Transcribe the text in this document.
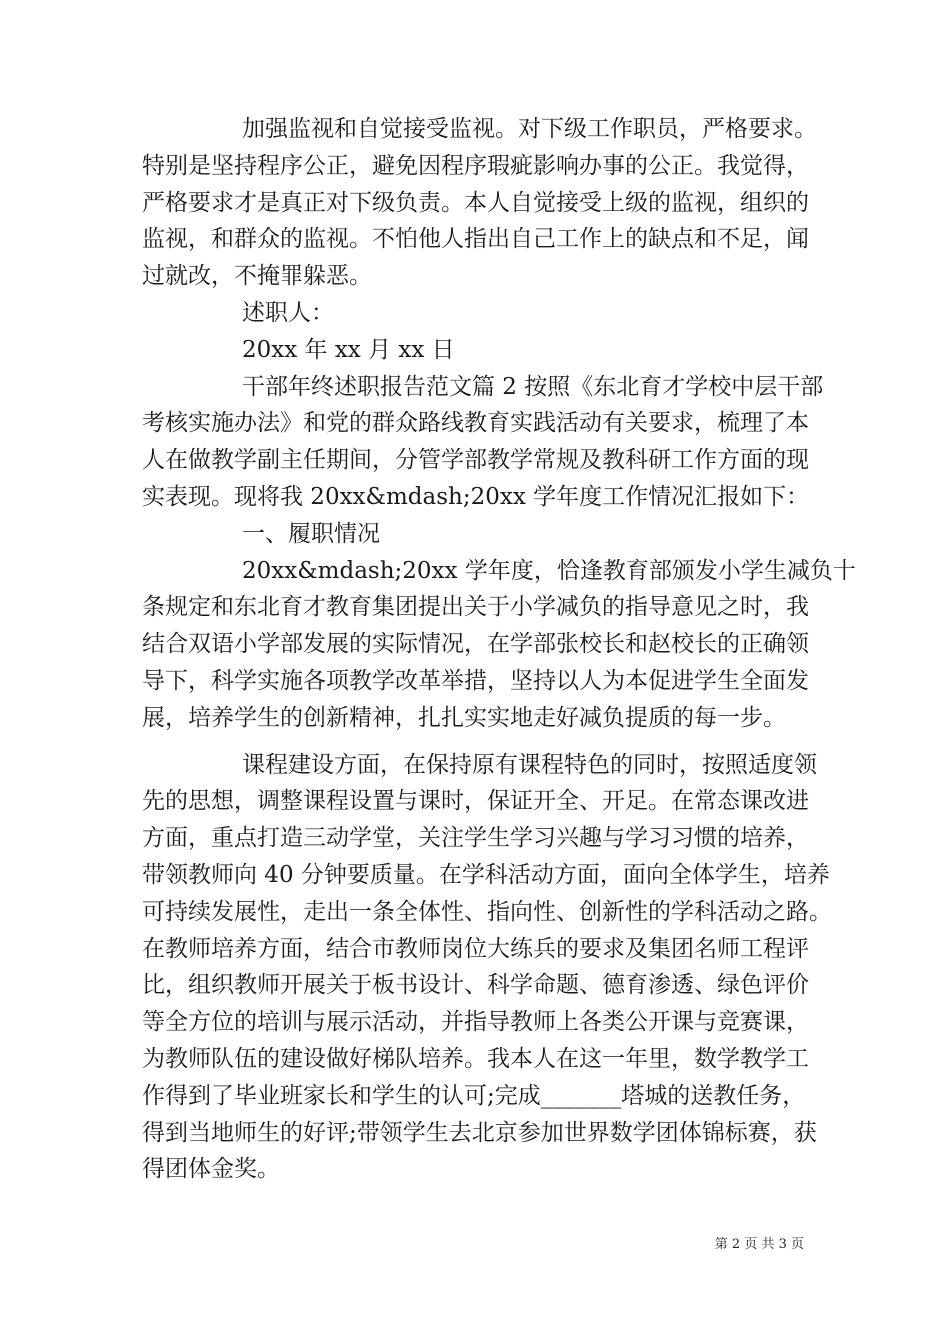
加强监视和自觉接受监视。对下级工作职员，严格要求。
特别是坚持程序公正，避免因程序瑕疵影响办事的公正。我觉得，
严格要求才是真正对下级负责。本人自觉接受上级的监视，组织的
监视，和群众的监视。不怕他人指出自己工作上的缺点和不足，闻
过就改，不掩罪躲恶。
述职人：
20xx 年 xx 月 xx 日
干部年终述职报告范文篇 2 按照《东北育才学校中层干部
考核实施办法》和党的群众路线教育实践活动有关要求，梳理了本
人在做教学副主任期间，分管学部教学常规及教科研工作方面的现
实表现。现将我 20xx&mdash;20xx 学年度工作情况汇报如下：
一、履职情况
20xx&mdash;20xx 学年度，恰逢教育部颁发小学生减负十
条规定和东北育才教育集团提出关于小学减负的指导意见之时，我
结合双语小学部发展的实际情况，在学部张校长和赵校长的正确领
导下，科学实施各项教学改革举措，坚持以人为本促进学生全面发
展，培养学生的创新精神，扎扎实实地走好减负提质的每一步。
课程建设方面，在保持原有课程特色的同时，按照适度领
先的思想，调整课程设置与课时，保证开全、开足。在常态课改进
方面，重点打造三动学堂，关注学生学习兴趣与学习习惯的培养，
带领教师向 40 分钟要质量。在学科活动方面，面向全体学生，培养
可持续发展性，走出一条全体性、指向性、创新性的学科活动之路。
在教师培养方面，结合市教师岗位大练兵的要求及集团名师工程评
比，组织教师开展关于板书设计、科学命题、德育渗透、绿色评价
等全方位的培训与展示活动，并指导教师上各类公开课与竞赛课，
为教师队伍的建设做好梯队培养。我本人在这一年里，数学教学工
作得到了毕业班家长和学生的认可;完成_______塔城的送教任务，
得到当地师生的好评;带领学生去北京参加世界数学团体锦标赛，获
得团体金奖。
第 2 页 共 3 页
